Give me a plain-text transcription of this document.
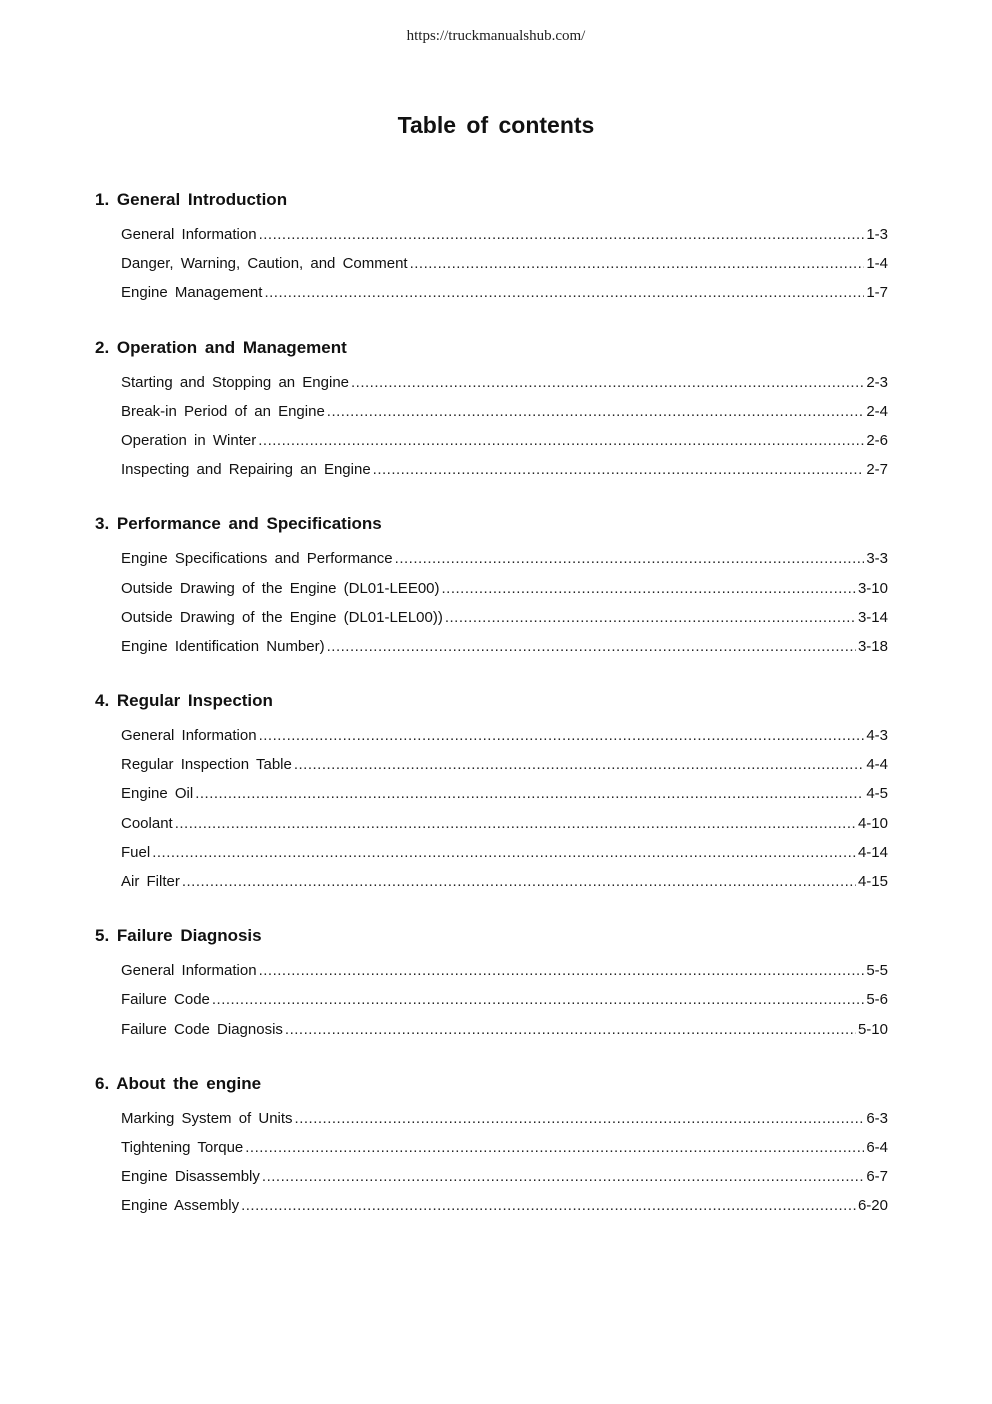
https://truckmanualshub.com/
Table of contents
1. General Introduction
General Information .....	1-3
Danger, Warning, Caution, and Comment .....	1-4
Engine Management .....	1-7
2. Operation and Management
Starting and Stopping an Engine .....	2-3
Break-in Period of an Engine .....	2-4
Operation in Winter .....	2-6
Inspecting and Repairing an Engine .....	2-7
3. Performance and Specifications
Engine Specifications and Performance .....	3-3
Outside Drawing of the Engine (DL01-LEE00) .....	3-10
Outside Drawing of the Engine (DL01-LEL00)) .....	3-14
Engine Identification Number) .....	3-18
4. Regular Inspection
General Information .....	4-3
Regular Inspection Table .....	4-4
Engine Oil .....	4-5
Coolant .....	4-10
Fuel .....	4-14
Air Filter .....	4-15
5. Failure Diagnosis
General Information .....	5-5
Failure Code .....	5-6
Failure Code Diagnosis .....	5-10
6. About the engine
Marking System of Units .....	6-3
Tightening Torque .....	6-4
Engine Disassembly .....	6-7
Engine Assembly .....	6-20
